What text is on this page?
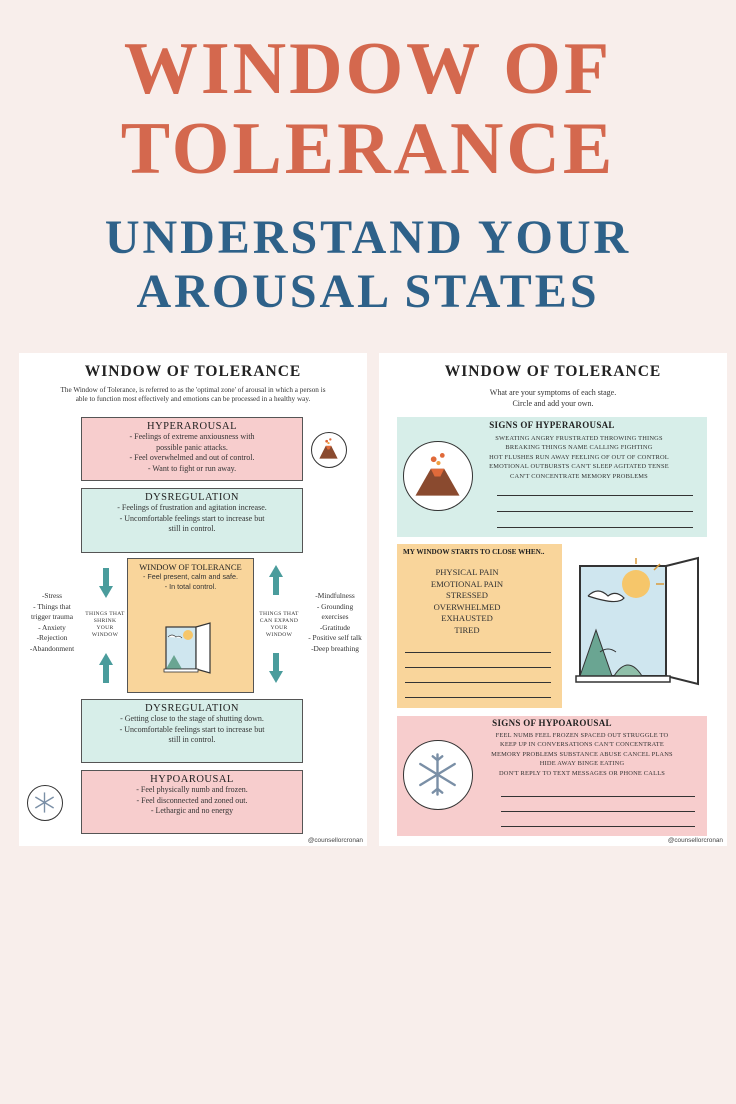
WINDOW OF
TOLERANCE
UNDERSTAND YOUR
AROUSAL STATES
WINDOW OF TOLERANCE
The Window of Tolerance, is referred to as the 'optimal zone' of arousal in which a person is
able to function most effectively and emotions can be processed in a healthy way.
HYPERAROUSAL
- Feelings of extreme anxiousness with
possible panic attacks.
- Feel overwhelmed and out of control.
- Want to fight or run away.
DYSREGULATION
- Feelings of frustration and agitation increase.
- Uncomfortable feelings start to increase but
still in control.
THINGS THAT
SHRINK
YOUR
WINDOW
THINGS THAT
CAN EXPAND
YOUR
WINDOW
-Stress
- Things that
trigger trauma
- Anxiety
-Rejection
-Abandonment
-Mindfulness
- Grounding
exercises
-Gratitude
- Positive self talk
-Deep breathing
WINDOW OF TOLERANCE
- Feel present, calm and safe.
- In total control.
DYSREGULATION
- Getting close to the stage of shutting down.
- Uncomfortable feelings start to increase but
still in control.
HYPOAROUSAL
- Feel physically numb and frozen.
- Feel disconnected and zoned out.
- Lethargic and no energy
@counsellorcronan
WINDOW OF TOLERANCE
What are your symptoms of each stage.
Circle and add your own.
SIGNS OF HYPERAROUSAL
SWEATING ANGRY FRUSTRATED THROWING THINGS
BREAKING THINGS NAME CALLING FIGHTING
HOT FLUSHES RUN AWAY FEELING OF OUT OF CONTROL
EMOTIONAL OUTBURSTS CAN'T SLEEP AGITATED TENSE
CAN'T CONCENTRATE MEMORY PROBLEMS
MY WINDOW STARTS TO CLOSE WHEN..
PHYSICAL PAIN
EMOTIONAL PAIN
STRESSED
OVERWHELMED
EXHAUSTED
TIRED
SIGNS OF HYPOAROUSAL
FEEL NUMB FEEL FROZEN SPACED OUT STRUGGLE TO
KEEP UP IN CONVERSATIONS CAN'T CONCENTRATE
MEMORY PROBLEMS SUBSTANCE ABUSE CANCEL PLANS
HIDE AWAY BINGE EATING
DON'T REPLY TO TEXT MESSAGES OR PHONE CALLS
@counsellorcronan
